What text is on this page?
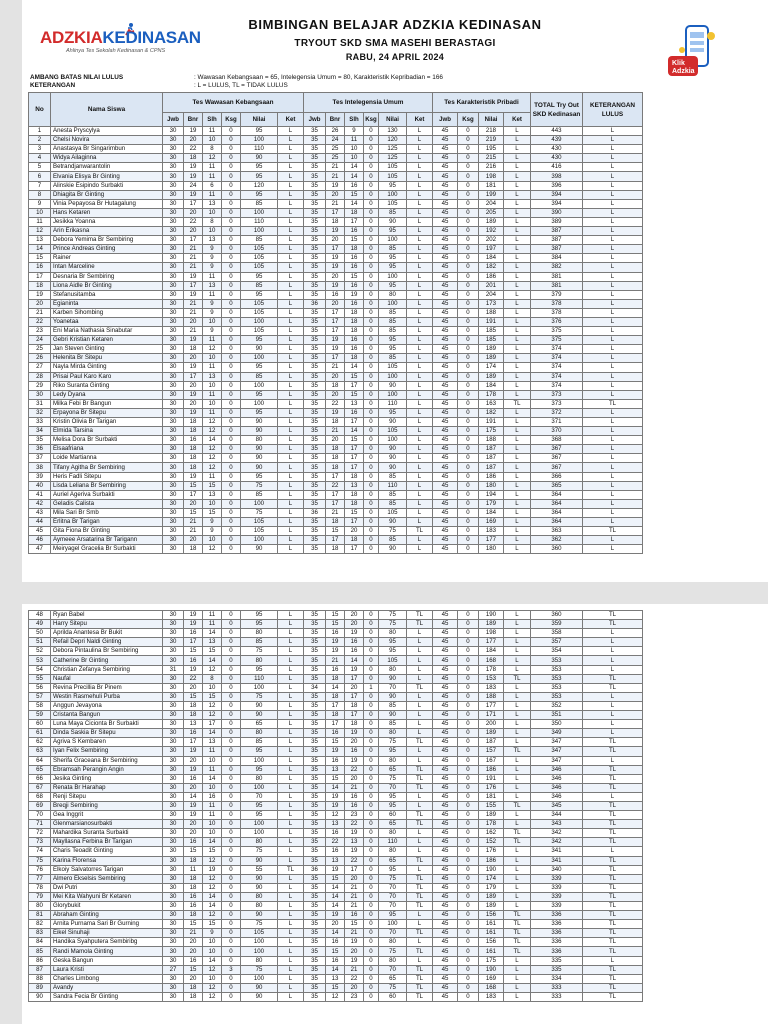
ADZKIAKEDINASAN
Ahlinya Tes Sekolah Kedinasan & CPNS
BIMBINGAN BELAJAR ADZKIA KEDINASAN
TRYOUT SKD SMA MASEHI BERASTAGI
RABU, 24 APRIL 2024
Klik
Adzkia
AMBANG BATAS NILAI LULUS	: Wawasan Kebangsaan = 65, Intelegensia Umum = 80, Karakteristik Kepribadian = 166
KETERANGAN	: L = LULUS, TL = TIDAK LULUS
No	Nama Siswa	Tes Wawasan Kebangsaan						Tes Intelegensia Umum						Tes Karakteristik Pribadi				TOTAL Try Out SKD Kedinasan	KETERANGAN LULUS
		Jwb	Bnr	Slh	Ksg	Nilai	Ket	Jwb	Bnr	Slh	Ksg	Nilai	Ket	Jwb	Ksg	Nilai	Ket		
1	Anesta Pryscylya	30	19	11	0	95	L	35	26	9	0	130	L	45	0	218	L	443	L
2	Chelsi Novira	30	20	10	0	100	L	35	24	11	0	120	L	45	0	219	L	439	L
3	Anastasya Br Singarimbun	30	22	8	0	110	L	35	25	10	0	125	L	45	0	195	L	430	L
4	Widya Ailaginna	30	18	12	0	90	L	35	25	10	0	125	L	45	0	215	L	430	L
5	Betrandjanwarantolin	30	19	11	0	95	L	35	21	14	0	105	L	45	0	216	L	416	L
6	Elvania Elisya Br Ginting	30	19	11	0	95	L	35	21	14	0	105	L	45	0	198	L	398	L
7	Alinskie Esipindo Surbakti	30	24	6	0	120	L	35	19	16	0	95	L	45	0	181	L	396	L
8	Dhiagita Br Ginting	30	19	11	0	95	L	35	20	15	0	100	L	45	0	199	L	394	L
9	Vinia Pepayosa Br Hutagalung	30	17	13	0	85	L	35	21	14	0	105	L	45	0	204	L	394	L
10	Hans Ketaren	30	20	10	0	100	L	35	17	18	0	85	L	45	0	205	L	390	L
11	Jesikka Yoanna	30	22	8	0	110	L	35	18	17	0	90	L	45	0	189	L	389	L
12	Arin Erikasna	30	20	10	0	100	L	35	19	16	0	95	L	45	0	192	L	387	L
13	Debora Yemima Br Sembiring	30	17	13	0	85	L	35	20	15	0	100	L	45	0	202	L	387	L
14	Prince Andreas Ginting	30	21	9	0	105	L	35	17	18	0	85	L	45	0	197	L	387	L
15	Rainer	30	21	9	0	105	L	35	19	16	0	95	L	45	0	184	L	384	L
16	Intan Marceline	30	21	9	0	105	L	35	19	16	0	95	L	45	0	182	L	382	L
17	Desnaria Br Sembiring	30	19	11	0	95	L	35	20	15	0	100	L	45	0	186	L	381	L
18	Liona Aidle Br Ginting	30	17	13	0	85	L	35	19	16	0	95	L	45	0	201	L	381	L
19	Stefanusitamba	30	19	11	0	95	L	35	16	19	0	80	L	45	0	204	L	379	L
20	Egianinta	30	21	9	0	105	L	36	20	16	0	100	L	45	0	173	L	378	L
21	Karben Sihombing	30	21	9	0	105	L	35	17	18	0	85	L	45	0	188	L	378	L
22	Yoanetaa	30	20	10	0	100	L	35	17	18	0	85	L	45	0	191	L	376	L
23	Eni Maria Nathasia Sinabutar	30	21	9	0	105	L	35	17	18	0	85	L	45	0	185	L	375	L
24	Gebri Kristian Ketaren	30	19	11	0	95	L	35	19	16	0	95	L	45	0	185	L	375	L
25	Jan Steven Ginting	30	18	12	0	90	L	35	19	16	0	95	L	45	0	189	L	374	L
26	Helenita Br Sitepu	30	20	10	0	100	L	35	17	18	0	85	L	45	0	189	L	374	L
27	Nayla Mirda Ginting	30	19	11	0	95	L	35	21	14	0	105	L	45	0	174	L	374	L
28	Prisai Paul Karo Karo	30	17	13	0	85	L	35	20	15	0	100	L	45	0	189	L	374	L
29	Riko Suranta Ginting	30	20	10	0	100	L	35	18	17	0	90	L	45	0	184	L	374	L
30	Ledy Dyana	30	19	11	0	95	L	35	20	15	0	100	L	45	0	178	L	373	L
31	Milka Febi Br Bangun	30	20	10	0	100	L	35	22	13	0	110	L	45	0	163	TL	373	TL
32	Erpayona Br Sitepu	30	19	11	0	95	L	35	19	16	0	95	L	45	0	182	L	372	L
33	Kristin Olivia Br Tarigan	30	18	12	0	90	L	35	18	17	0	90	L	45	0	191	L	371	L
34	Elmida Tarsina	30	18	12	0	90	L	35	21	14	0	105	L	45	0	175	L	370	L
35	Melisa Dora Br Surbakti	30	16	14	0	80	L	35	20	15	0	100	L	45	0	188	L	368	L
36	Elsaafriana	30	18	12	0	90	L	35	18	17	0	90	L	45	0	187	L	367	L
37	Loide Martianna	30	18	12	0	90	L	35	18	17	0	90	L	45	0	187	L	367	L
38	Tifany Agitha Br Sembiring	30	18	12	0	90	L	35	18	17	0	90	L	45	0	187	L	367	L
39	Heris Fadli Sitepu	30	19	11	0	95	L	35	17	18	0	85	L	45	0	186	L	366	L
40	Lisda Leliana Br Sembiring	30	15	15	0	75	L	35	22	13	0	110	L	45	0	180	L	365	L
41	Auriel Ageriva Surbakti	30	17	13	0	85	L	35	17	18	0	85	L	45	0	194	L	364	L
42	Geladis Calista	30	20	10	0	100	L	35	17	18	0	85	L	45	0	179	L	364	L
43	Mila Sari Br Smb	30	15	15	0	75	L	36	21	15	0	105	L	45	0	184	L	364	L
44	Erlitna Br Tarigan	30	21	9	0	105	L	35	18	17	0	90	L	45	0	169	L	364	L
45	Gita Fiona Br Ginting	30	21	9	0	105	L	35	15	20	0	75	TL	45	0	183	L	363	TL
46	Aymeee Arsatarina Br Tarigann	30	20	10	0	100	L	35	17	18	0	85	L	45	0	177	L	362	L
47	Meiryagel Gracelia Br Surbakti	30	18	12	0	90	L	35	18	17	0	90	L	45	0	180	L	360	L
48	Ryan Babel	30	19	11	0	95	L	35	15	20	0	75	TL	45	0	190	L	360	TL
49	Harry Sitepu	30	19	11	0	95	L	35	15	20	0	75	TL	45	0	189	L	359	TL
50	Aprilda Anantesa Br Bukit	30	16	14	0	80	L	35	16	19	0	80	L	45	0	198	L	358	L
51	Refail Depri Naldi Ginting	30	17	13	0	85	L	35	19	16	0	95	L	45	0	177	L	357	L
52	Debora Pintaulina Br Sembiring	30	15	15	0	75	L	35	19	16	0	95	L	45	0	184	L	354	L
53	Catherine Br Ginting	30	16	14	0	80	L	35	21	14	0	105	L	45	0	168	L	353	L
54	Christian Zefanya Sembiring	31	19	12	0	95	L	35	16	19	0	80	L	45	0	178	L	353	L
55	Naufal	30	22	8	0	110	L	35	18	17	0	90	L	45	0	153	TL	353	TL
56	Revina Precillia Br Pinem	30	20	10	0	100	L	34	14	20	1	70	TL	45	0	183	L	353	TL
57	Westin Rasmehuli Purba	30	15	15	0	75	L	35	18	17	0	90	L	45	0	188	L	353	L
58	Anggun Jevayona	30	18	12	0	90	L	35	17	18	0	85	L	45	0	177	L	352	L
59	Cristanta Bangun	30	18	12	0	90	L	35	18	17	0	90	L	45	0	171	L	351	L
60	Luna Maya Cicionta Br Surbakti	30	13	17	0	65	L	35	17	18	0	85	L	45	0	200	L	350	L
61	Dinda Saskia Br Sitepu	30	16	14	0	80	L	35	16	19	0	80	L	45	0	189	L	349	L
62	Agriva S Kembaren	30	17	13	0	85	L	35	15	20	0	75	TL	45	0	187	L	347	TL
63	Iyan Felix Sembiring	30	19	11	0	95	L	35	19	16	0	95	L	45	0	157	TL	347	TL
64	Sherifa Graceana Br Sembiring	30	20	10	0	100	L	35	16	19	0	80	L	45	0	167	L	347	L
65	Ebramsah Perangin Angin	30	19	11	0	95	L	35	13	22	0	65	TL	45	0	186	L	346	TL
66	Jesika Ginting	30	16	14	0	80	L	35	15	20	0	75	TL	45	0	191	L	346	TL
67	Renata Br Harahap	30	20	10	0	100	L	35	14	21	0	70	TL	45	0	176	L	346	TL
68	Renji Sitepu	30	14	16	0	70	L	35	19	16	0	95	L	45	0	181	L	346	L
69	Breqji Sembiring	30	19	11	0	95	L	35	19	16	0	95	L	45	0	155	TL	345	TL
70	Gea Inggrit	30	19	11	0	95	L	35	12	23	0	60	TL	45	0	189	L	344	TL
71	Glenmarsianosurbakti	30	20	10	0	100	L	35	13	22	0	65	TL	45	0	178	L	343	TL
72	Mahardika Suranta Surbakti	30	20	10	0	100	L	35	16	19	0	80	L	45	0	162	TL	342	TL
73	Mayllasna Ferbina Br Tarigan	30	16	14	0	80	L	35	22	13	0	110	L	45	0	152	TL	342	TL
74	Charis Teoadit Ginting	30	15	15	0	75	L	35	16	19	0	80	L	45	0	176	L	341	L
75	Karina Florensa	30	18	12	0	90	L	35	13	22	0	65	TL	45	0	186	L	341	TL
76	Elkoiy Salvatorres Tarigan	30	11	19	0	55	TL	36	19	17	0	95	L	45	0	190	L	340	TL
77	Almero Ekselsis Sembiring	30	18	12	0	90	L	35	15	20	0	75	TL	45	0	174	L	339	TL
78	Dwi Putri	30	18	12	0	90	L	35	14	21	0	70	TL	45	0	179	L	339	TL
79	Mei Kita Wahyuni Br Ketaren	30	16	14	0	80	L	35	14	21	0	70	TL	45	0	189	L	339	TL
80	Glorybukit	30	16	14	0	80	L	35	14	21	0	70	TL	45	0	189	L	339	TL
81	Abraham Ginting	30	18	12	0	90	L	35	19	16	0	95	L	45	0	156	TL	336	TL
82	Arnita Purnama Sari Br Gurning	30	15	15	0	75	L	35	20	15	0	100	L	45	0	161	TL	336	TL
83	Eikel Sinuhaji	30	21	9	0	105	L	35	14	21	0	70	TL	45	0	161	TL	336	TL
84	Handika Syahputera Sembiribg	30	20	10	0	100	L	35	16	19	0	80	L	45	0	156	TL	336	TL
85	Randi Mamola Ginting	30	20	10	0	100	L	35	15	20	0	75	TL	45	0	161	TL	336	TL
86	Geska Bangun	30	16	14	0	80	L	35	16	19	0	80	L	45	0	175	L	335	L
87	Laura Kristi	27	15	12	3	75	L	35	14	21	0	70	TL	45	0	190	L	335	TL
88	Charles Limbong	30	20	10	0	100	L	35	13	22	0	65	TL	45	0	169	L	334	TL
89	Avandy	30	18	12	0	90	L	35	15	20	0	75	TL	45	0	168	L	333	TL
90	Sandra Fecia Br Ginting	30	18	12	0	90	L	35	12	23	0	60	TL	45	0	183	L	333	TL
